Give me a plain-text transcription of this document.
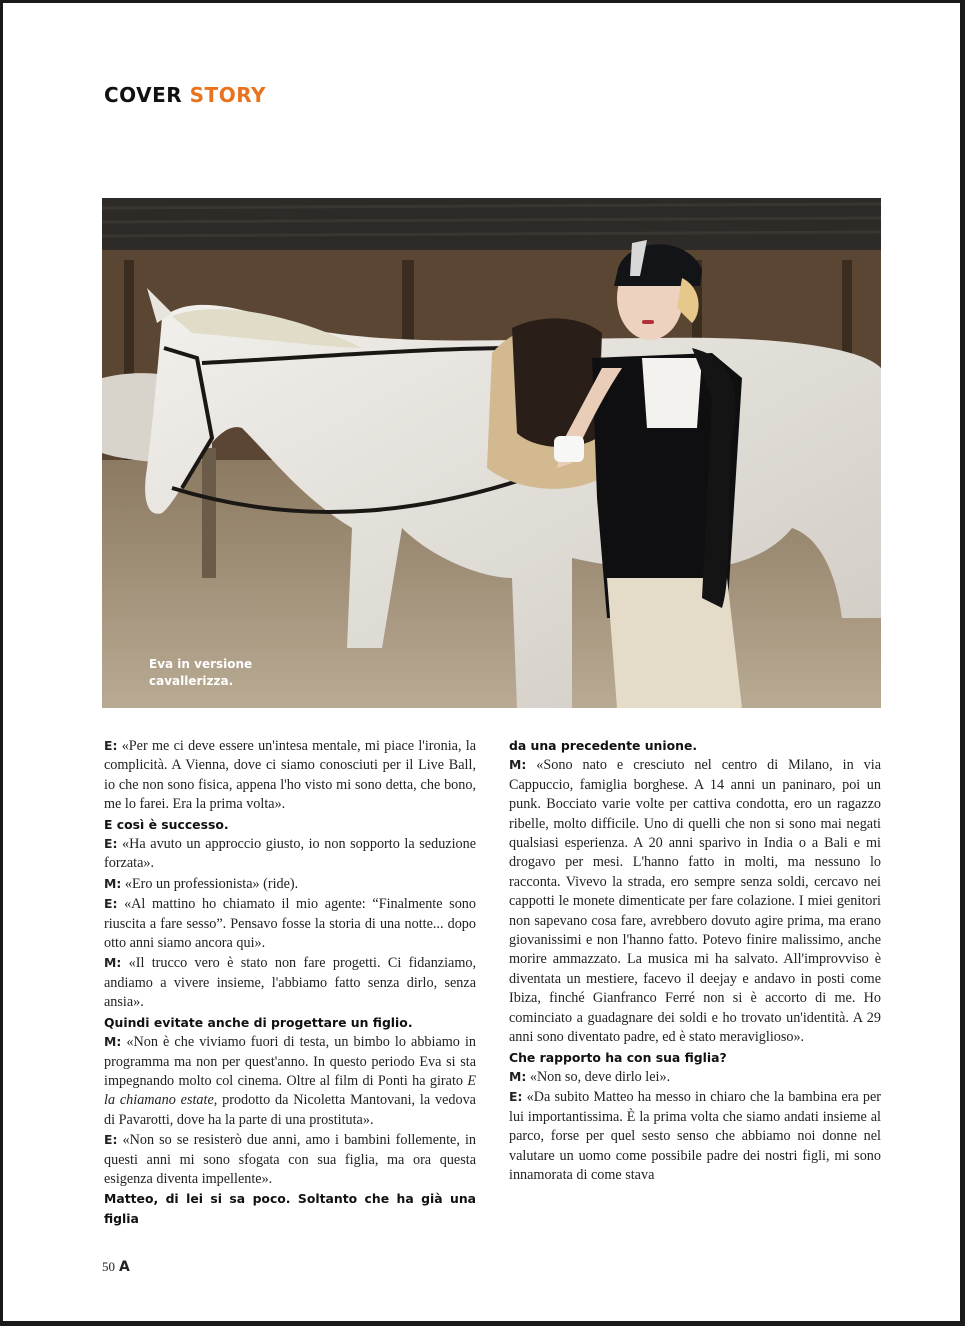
COVER STORY
Eva in versione
cavallerizza.

E: «Per me ci deve essere un'intesa mentale, mi piace l'ironia, la complicità. A Vienna, dove ci siamo conosciuti per il Live Ball, io che non sono fisica, appena l'ho visto mi sono detta, che bono, me lo farei. Era la prima volta».

E così è successo.

E: «Ha avuto un approccio giusto, io non sopporto la seduzione forzata».

M: «Ero un professionista» (ride).

E: «Al mattino ho chiamato il mio agente: “Finalmente sono riuscita a fare sesso”. Pensavo fosse la storia di una notte... dopo otto anni siamo ancora qui».

M: «Il trucco vero è stato non fare progetti. Ci fidanziamo, andiamo a vivere insieme, l'abbiamo fatto senza dirlo, senza ansia».

Quindi evitate anche di progettare un figlio.

M: «Non è che viviamo fuori di testa, un bimbo lo abbiamo in programma ma non per quest'anno. In questo periodo Eva si sta impegnando molto col cinema. Oltre al film di Ponti ha girato E la chiamano estate, prodotto da Nicoletta Mantovani, la vedova di Pavarotti, dove ha la parte di una prostituta».

E: «Non so se resisterò due anni, amo i bambini follemente, in questi anni mi sono sfogata con sua figlia, ma ora questa esigenza diventa impellente».

Matteo, di lei si sa poco. Soltanto che ha già una figlia

da una precedente unione.

M: «Sono nato e cresciuto nel centro di Milano, in via Cappuccio, famiglia borghese. A 14 anni un paninaro, poi un punk. Bocciato varie volte per cattiva condotta, ero un ragazzo ribelle, molto difficile. Uno di quelli che non si sono mai negati qualsiasi esperienza. A 20 anni sparivo in India o a Bali e mi drogavo per mesi. L'hanno fatto in molti, ma nessuno lo racconta. Vivevo la strada, ero sempre senza soldi, cercavo nei cappotti le monete dimenticate per fare colazione. I miei genitori non sapevano cosa fare, avrebbero dovuto agire prima, ma erano giovanissimi e non l'hanno fatto. Potevo finire malissimo, anche morire ammazzato. La musica mi ha salvato. All'improvviso è diventata un mestiere, facevo il deejay e andavo in posti come Ibiza, finché Gianfranco Ferré non si è accorto di me. Ho cominciato a guadagnare dei soldi e ho trovato un'identità. A 29 anni sono diventato padre, ed è stato meraviglioso».

Che rapporto ha con sua figlia?

M: «Non so, deve dirlo lei».

E: «Da subito Matteo ha messo in chiaro che la bambina era per lui importantissima. È la prima volta che siamo andati insieme al parco, forse per quel sesto senso che abbiamo noi donne nel valutare un uomo come possibile padre dei nostri figli, mi sono innamorata di come stava

50 A
